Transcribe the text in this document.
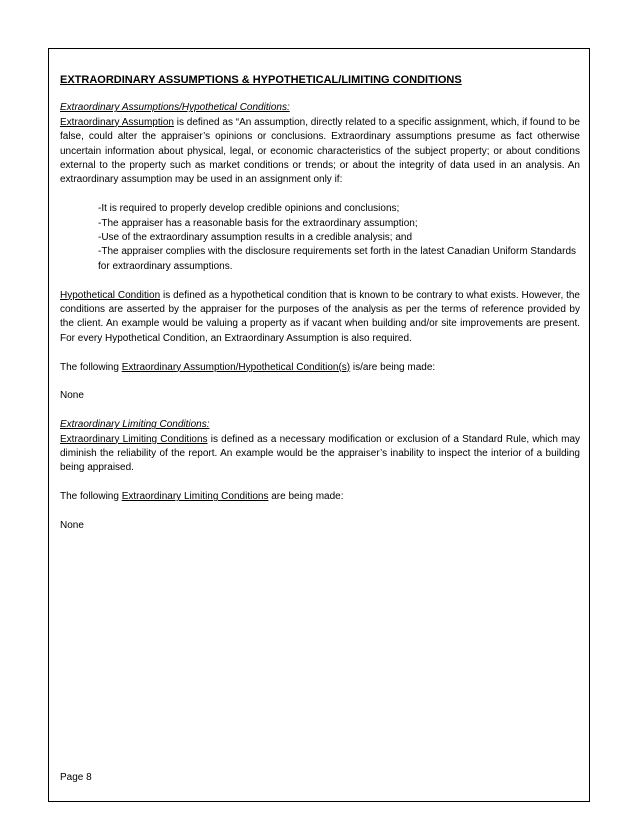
EXTRAORDINARY ASSUMPTIONS & HYPOTHETICAL/LIMITING CONDITIONS

Extraordinary Assumptions/Hypothetical Conditions:
Extraordinary Assumption is defined as “An assumption, directly related to a specific assignment, which, if found to be false, could alter the appraiser’s opinions or conclusions. Extraordinary assumptions presume as fact otherwise uncertain information about physical, legal, or economic characteristics of the subject property; or about conditions external to the property such as market conditions or trends; or about the integrity of data used in an analysis. An extraordinary assumption may be used in an assignment only if:

-It is required to properly develop credible opinions and conclusions;
-The appraiser has a reasonable basis for the extraordinary assumption;
-Use of the extraordinary assumption results in a credible analysis; and
-The appraiser complies with the disclosure requirements set forth in the latest Canadian Uniform Standards for extraordinary assumptions.

Hypothetical Condition is defined as a hypothetical condition that is known to be contrary to what exists. However, the conditions are asserted by the appraiser for the purposes of the analysis as per the terms of reference provided by the client. An example would be valuing a property as if vacant when building and/or site improvements are present. For every Hypothetical Condition, an Extraordinary Assumption is also required.

The following Extraordinary Assumption/Hypothetical Condition(s) is/are being made:

None

Extraordinary Limiting Conditions:
Extraordinary Limiting Conditions is defined as a necessary modification or exclusion of a Standard Rule, which may diminish the reliability of the report. An example would be the appraiser’s inability to inspect the interior of a building being appraised.

The following Extraordinary Limiting Conditions are being made:

None

Page 8
